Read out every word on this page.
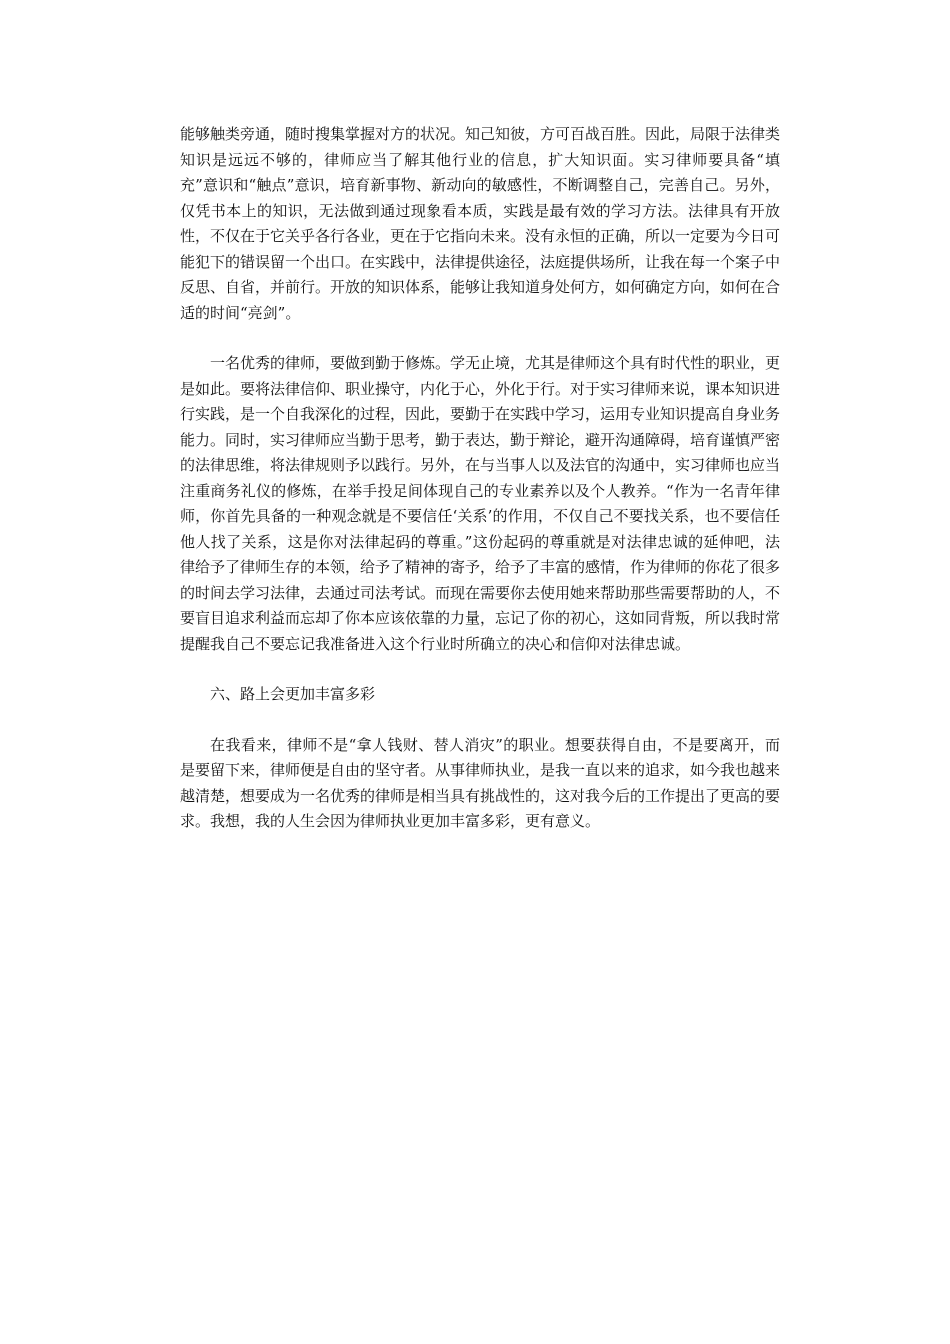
能够触类旁通，随时搜集掌握对方的状况。知己知彼，方可百战百胜。因此，局限于法律类知识是远远不够的，律师应当了解其他行业的信息，扩大知识面。实习律师要具备“填充”意识和“触点”意识，培育新事物、新动向的敏感性，不断调整自己，完善自己。另外，仅凭书本上的知识，无法做到通过现象看本质，实践是最有效的学习方法。法律具有开放性，不仅在于它关乎各行各业，更在于它指向未来。没有永恒的正确，所以一定要为今日可能犯下的错误留一个出口。在实践中，法律提供途径，法庭提供场所，让我在每一个案子中反思、自省，并前行。开放的知识体系，能够让我知道身处何方，如何确定方向，如何在合适的时间“亮剑”。

一名优秀的律师，要做到勤于修炼。学无止境，尤其是律师这个具有时代性的职业，更是如此。要将法律信仰、职业操守，内化于心，外化于行。对于实习律师来说，课本知识进行实践，是一个自我深化的过程，因此，要勤于在实践中学习，运用专业知识提高自身业务能力。同时，实习律师应当勤于思考，勤于表达，勤于辩论，避开沟通障碍，培育谨慎严密的法律思维，将法律规则予以践行。另外，在与当事人以及法官的沟通中，实习律师也应当注重商务礼仪的修炼，在举手投足间体现自己的专业素养以及个人教养。“作为一名青年律师，你首先具备的一种观念就是不要信任‘关系’的作用，不仅自己不要找关系，也不要信任他人找了关系，这是你对法律起码的尊重。”这份起码的尊重就是对法律忠诚的延伸吧，法律给予了律师生存的本领，给予了精神的寄予，给予了丰富的感情，作为律师的你花了很多的时间去学习法律，去通过司法考试。而现在需要你去使用她来帮助那些需要帮助的人，不要盲目追求利益而忘却了你本应该依靠的力量，忘记了你的初心，这如同背叛，所以我时常提醒我自己不要忘记我准备进入这个行业时所确立的决心和信仰对法律忠诚。

六、路上会更加丰富多彩

在我看来，律师不是“拿人钱财、替人消灾”的职业。想要获得自由，不是要离开，而是要留下来，律师便是自由的坚守者。从事律师执业，是我一直以来的追求，如今我也越来越清楚，想要成为一名优秀的律师是相当具有挑战性的，这对我今后的工作提出了更高的要求。我想，我的人生会因为律师执业更加丰富多彩，更有意义。
